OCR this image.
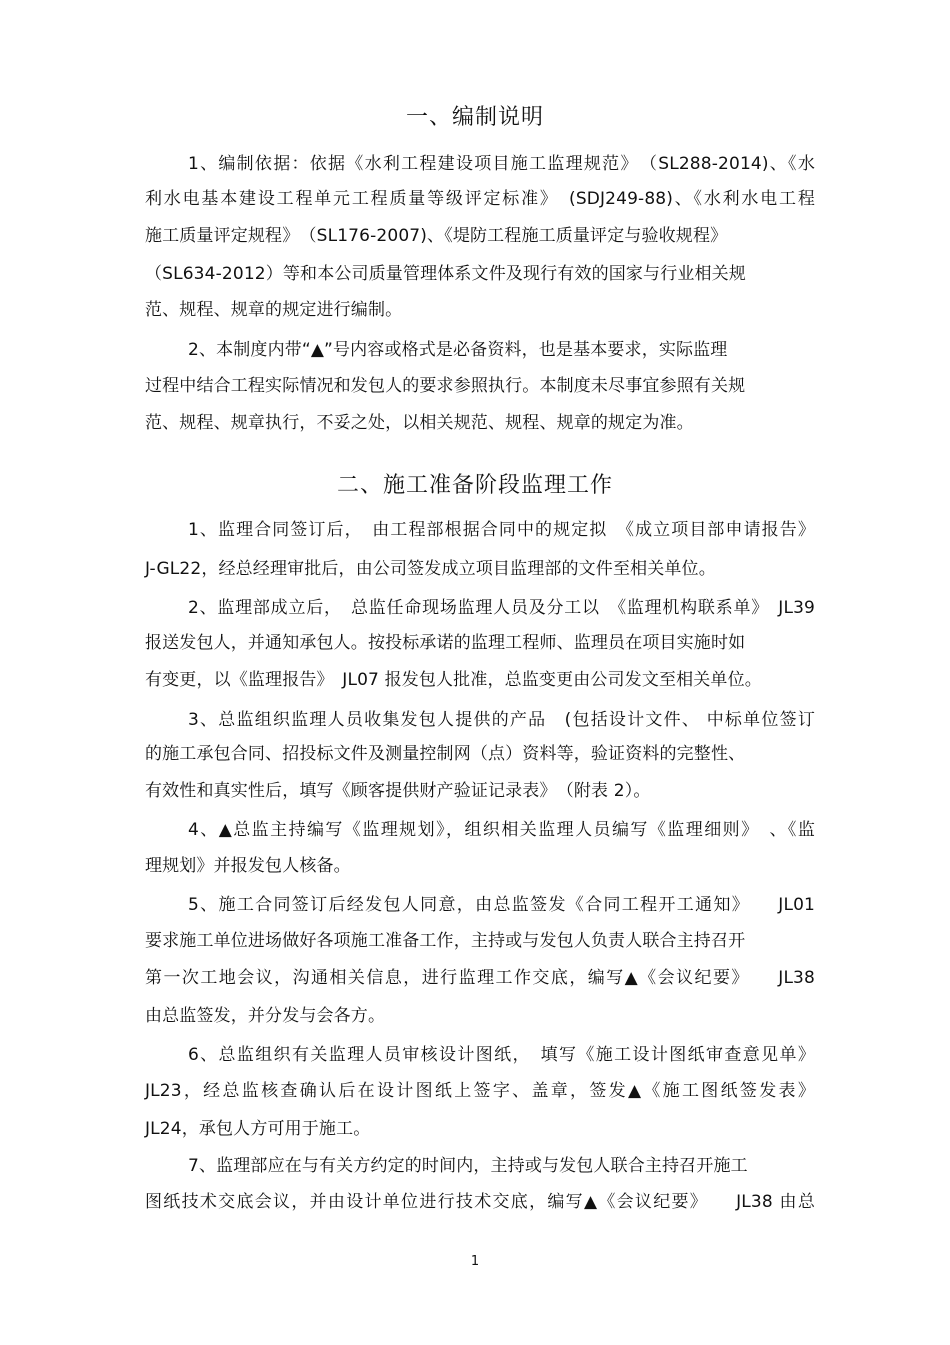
一、编制说明
1、编制依据：依据《水利工程建设项目施工监理规范》　（SL288-2014)、《水
利水电基本建设工程单元工程质量等级评定标准》　(SDJ249-88)、《水利水电工程
施工质量评定规程》　（SL176-2007)、《堤防工程施工质量评定与验收规程》
（SL634-2012）等和本公司质量管理体系文件及现行有效的国家与行业相关规
范、规程、规章的规定进行编制。
2、本制度内带“▲”号内容或格式是必备资料，也是基本要求，实际监理
过程中结合工程实际情况和发包人的要求参照执行。本制度未尽事宜参照有关规
范、规程、规章执行，不妥之处，以相关规范、规程、规章的规定为准。
二、施工准备阶段监理工作
1、监理合同签订后，　由工程部根据合同中的规定拟　《成立项目部申请报告》
J-GL22，经总经理审批后，由公司签发成立项目监理部的文件至相关单位。
2、监理部成立后，　总监任命现场监理人员及分工以　《监理机构联系单》　JL39
报送发包人，并通知承包人。按投标承诺的监理工程师、监理员在项目实施时如
有变更，以《监理报告》　JL07 报发包人批准，总监变更由公司发文至相关单位。
3、总监组织监理人员收集发包人提供的产品　(包括设计文件、 中标单位签订
的施工承包合同、招投标文件及测量控制网（点）资料等，验证资料的完整性、
有效性和真实性后，填写《顾客提供财产验证记录表》　（附表 2）。
4、▲总监主持编写《监理规划》，组织相关监理人员编写《监理细则》　、《监
理规划》并报发包人核备。
5、施工合同签订后经发包人同意，由总监签发《合同工程开工通知》　　JL01
要求施工单位进场做好各项施工准备工作，主持或与发包人负责人联合主持召开
第一次工地会议，沟通相关信息，进行监理工作交底，编写▲《会议纪要》　　JL38
由总监签发，并分发与会各方。
6、总监组织有关监理人员审核设计图纸，　填写《施工设计图纸审查意见单》
JL23，经总监核查确认后在设计图纸上签字、盖章，签发▲《施工图纸签发表》
JL24，承包人方可用于施工。
7、监理部应在与有关方约定的时间内，主持或与发包人联合主持召开施工
图纸技术交底会议，并由设计单位进行技术交底，编写▲《会议纪要》　　JL38 由总
1
